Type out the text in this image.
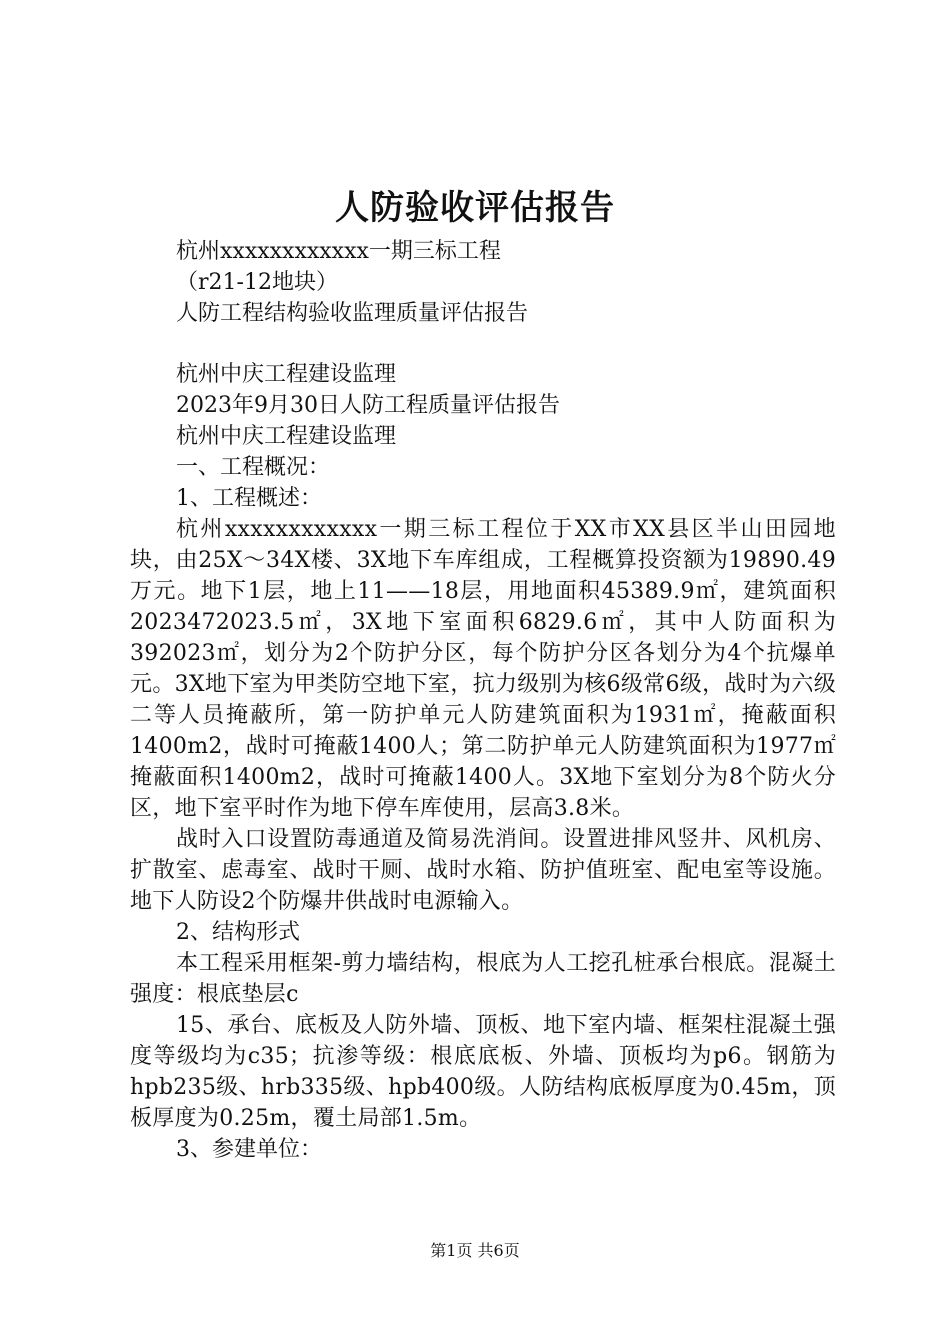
人防验收评估报告

杭州xxxxxxxxxxxx一期三标工程

（r21-12地块）

人防工程结构验收监理质量评估报告

杭州中庆工程建设监理

2023年9月30日人防工程质量评估报告

杭州中庆工程建设监理

一、工程概况：

1、工程概述：

杭州xxxxxxxxxxxx一期三标工程位于XX市XX县区半山田园地块，由25X～34X楼、3X地下车库组成，工程概算投资额为19890.49万元。地下1层，地上11——18层，用地面积45389.9㎡，建筑面积2023472023.5㎡，3X地下室面积6829.6㎡，其中人防面积为392023㎡，划分为2个防护分区，每个防护分区各划分为4个抗爆单元。3X地下室为甲类防空地下室，抗力级别为核6级常6级，战时为六级二等人员掩蔽所，第一防护单元人防建筑面积为1931㎡，掩蔽面积1400m2，战时可掩蔽1400人；第二防护单元人防建筑面积为1977㎡掩蔽面积1400m2，战时可掩蔽1400人。3X地下室划分为8个防火分区，地下室平时作为地下停车库使用，层高3.8米。

战时入口设置防毒通道及简易洗消间。设置进排风竖井、风机房、扩散室、虑毒室、战时干厕、战时水箱、防护值班室、配电室等设施。地下人防设2个防爆井供战时电源输入。

2、结构形式

本工程采用框架-剪力墙结构，根底为人工挖孔桩承台根底。混凝土强度：根底垫层c

15、承台、底板及人防外墙、顶板、地下室内墙、框架柱混凝土强度等级均为c35；抗渗等级：根底底板、外墙、顶板均为p6。钢筋为hpb235级、hrb335级、hpb400级。人防结构底板厚度为0.45m，顶板厚度为0.25m，覆土局部1.5m。

3、参建单位：

第1页 共6页
